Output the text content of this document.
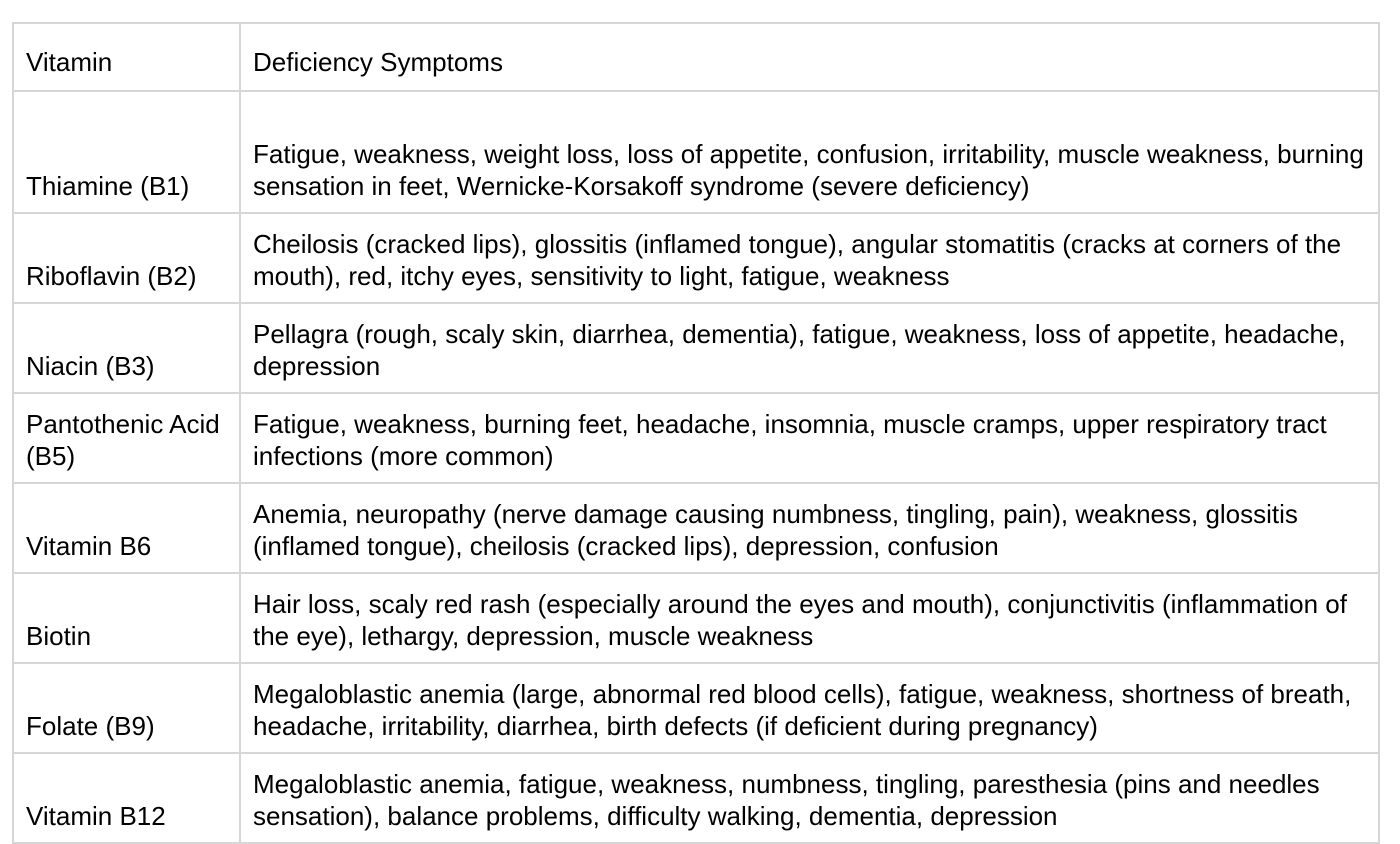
Vitamin	Deficiency Symptoms
Thiamine (B1)	Fatigue, weakness, weight loss, loss of appetite, confusion, irritability, muscle weakness, burning sensation in feet, Wernicke-Korsakoff syndrome (severe deficiency)
Riboflavin (B2)	Cheilosis (cracked lips), glossitis (inflamed tongue), angular stomatitis (cracks at corners of the mouth), red, itchy eyes, sensitivity to light, fatigue, weakness
Niacin (B3)	Pellagra (rough, scaly skin, diarrhea, dementia), fatigue, weakness, loss of appetite, headache, depression
Pantothenic Acid (B5)	Fatigue, weakness, burning feet, headache, insomnia, muscle cramps, upper respiratory tract infections (more common)
Vitamin B6	Anemia, neuropathy (nerve damage causing numbness, tingling, pain), weakness, glossitis (inflamed tongue), cheilosis (cracked lips), depression, confusion
Biotin	Hair loss, scaly red rash (especially around the eyes and mouth), conjunctivitis (inflammation of the eye), lethargy, depression, muscle weakness
Folate (B9)	Megaloblastic anemia (large, abnormal red blood cells), fatigue, weakness, shortness of breath, headache, irritability, diarrhea, birth defects (if deficient during pregnancy)
Vitamin B12	Megaloblastic anemia, fatigue, weakness, numbness, tingling, paresthesia (pins and needles sensation), balance problems, difficulty walking, dementia, depression
